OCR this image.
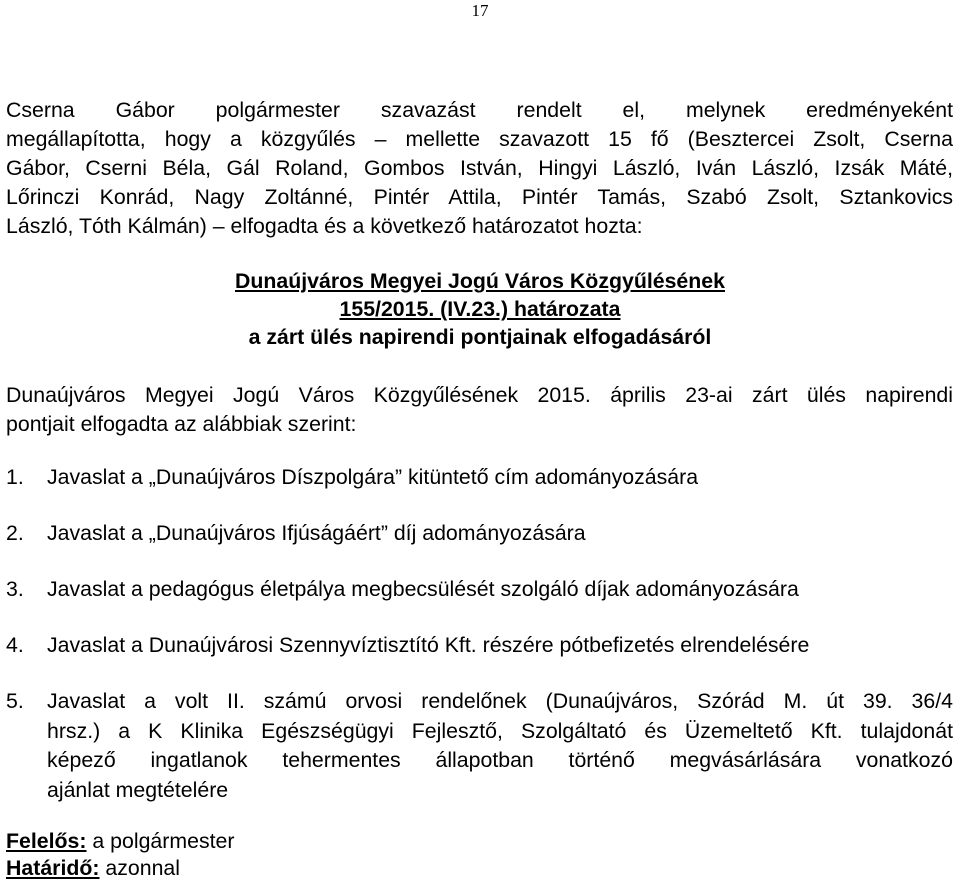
17
Cserna Gábor polgármester szavazást rendelt el, melynek eredményeként
megállapította, hogy a közgyűlés – mellette szavazott 15 fő (Besztercei Zsolt, Cserna
Gábor, Cserni Béla, Gál Roland, Gombos István, Hingyi László, Iván László, Izsák Máté,
Lőrinczi Konrád, Nagy Zoltánné, Pintér Attila, Pintér Tamás, Szabó Zsolt, Sztankovics
László, Tóth Kálmán) – elfogadta és a következő határozatot hozta:
Dunaújváros Megyei Jogú Város Közgyűlésének
155/2015. (IV.23.) határozata
a zárt ülés napirendi pontjainak elfogadásáról
Dunaújváros Megyei Jogú Város Közgyűlésének 2015. április 23-ai zárt ülés napirendi
pontjait elfogadta az alábbiak szerint:
1.	Javaslat a „Dunaújváros Díszpolgára” kitüntető cím adományozására
2.	Javaslat a „Dunaújváros Ifjúságáért” díj adományozására
3.	Javaslat a pedagógus életpálya megbecsülését szolgáló díjak adományozására
4.	Javaslat a Dunaújvárosi Szennyvíztisztító Kft. részére pótbefizetés elrendelésére
5.	Javaslat a volt II. számú orvosi rendelőnek (Dunaújváros, Szórád M. út 39. 36/4
hrsz.) a K Klinika Egészségügyi Fejlesztő, Szolgáltató és Üzemeltető Kft. tulajdonát
képező ingatlanok tehermentes állapotban történő megvásárlására vonatkozó
ajánlat megtételére
Felelős: a polgármester
Határidő: azonnal
